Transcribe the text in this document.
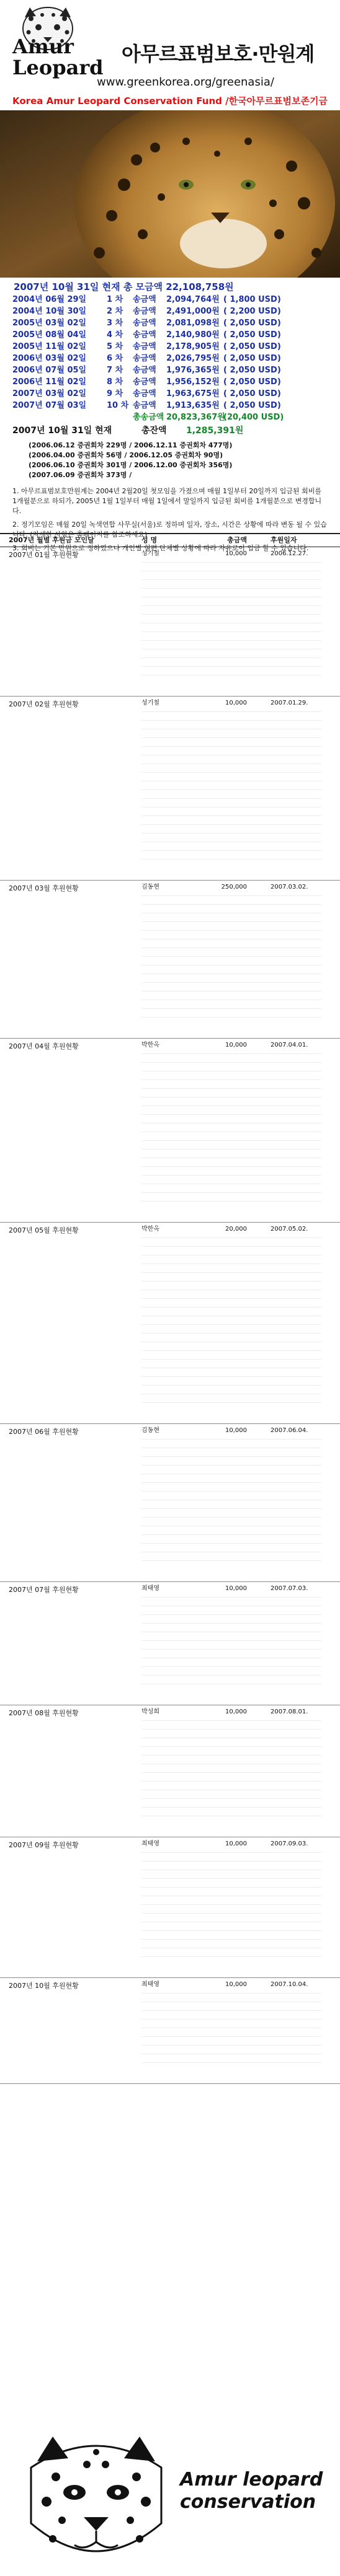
Amur
Leopard
아무르표범보호·만원계
www.greenkorea.org/greenasia/
Korea Amur Leopard Conservation Fund /한국아무르표범보존기금
2007년 10월 31일 현재 총 모금액 22,108,758원
2004년 06월 29일	1 차 송금액 2,094,764원 ( 1,800 USD)
2004년 10월 30일	2 차 송금액 2,491,000원 ( 2,200 USD)
2005년 03월 02일	3 차 송금액 2,081,098원 ( 2,050 USD)
2005년 08월 04일	4 차 송금액 2,140,980원 ( 2,050 USD)
2005년 11월 02일	5 차 송금액 2,178,905원 ( 2,050 USD)
2006년 03월 02일	6 차 송금액 2,026,795원 ( 2,050 USD)
2006년 07월 05일	7 차 송금액 1,976,365원 ( 2,050 USD)
2006년 11월 02일	8 차 송금액 1,956,152원 ( 2,050 USD)
2007년 03월 02일	9 차 송금액 1,963,675원 ( 2,050 USD)
2007년 07월 03일	10 차 송금액 1,913,635원 ( 2,050 USD)
총송금액 20,823,367원
(20,400 USD)
2007년 10월 31일 현재	총잔액 1,285,391원
(2006.06.12 증권회차 229명 / 2006.12.11 증권회차 477명)
(2006.04.00 증권회차 56명 / 2006.12.05 증권회차 90명)
(2006.06.10 증권회차 301명 / 2006.12.00 증권회차 356명)
(2007.06.09 증권회차 373명 /

1. 아무르표범보호만원계는 2004년 2월20일 첫모임을 가졌으며 매월 1일부터 20일까지 입금된 회비를 1개월분으로 하되가, 2005년 1월 1일부터 매월 1일에서 말일까지 입금된 회비를 1개월분으로 변경합니다.

2. 정기모임은 매월 20일 녹색연합 사무실(서울)로 정하며 일자, 장소, 시간은 상황에 따라 변동 될 수 있습니다. (자세한 사항은 홈페이지를 참조하세요)

3. 회비는 기본 만원으로 정하였으나 개인별 형편 단체별 상황에 따라 자유로이 입금 할 수 있습니다.

2007년 월별 후원금 모인달	성 명	총금액	후원일자
2007년 01월 후원현황	성기철	10,000	2006.12.27.
2007년 02월 후원현황	성기철	10,000	2007.01.29.
2007년 03월 후원현황	김동현	250,000	2007.03.02.
2007년 04월 후원현황	박한옥	10,000	2007.04.01.
2007년 05월 후원현황	박한옥	20,000	2007.05.02.
2007년 06월 후원현황	김동현	10,000	2007.06.04.
2007년 07월 후원현황	최태영	10,000	2007.07.03.
2007년 08월 후원현황	박성희	10,000	2007.08.01.
2007년 09월 후원현황	최태영	10,000	2007.09.03.
2007년 10월 후원현황	최태영	10,000	2007.10.04.
Amur leopard
conservation
